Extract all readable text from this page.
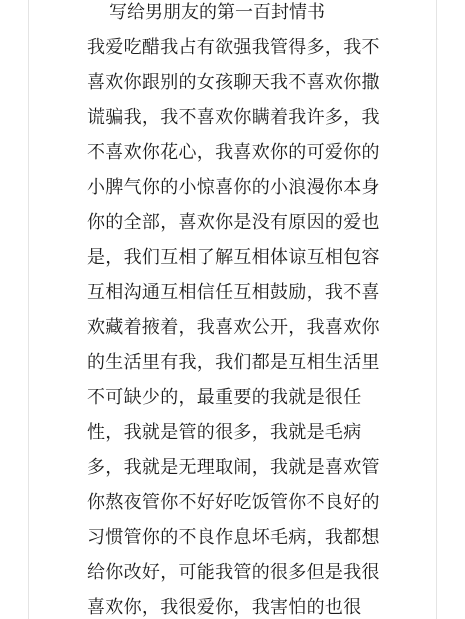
写给男朋友的第一百封情书
我爱吃醋我占有欲强我管得多，我不
喜欢你跟别的女孩聊天我不喜欢你撒
谎骗我，我不喜欢你瞒着我许多，我
不喜欢你花心，我喜欢你的可爱你的
小脾气你的小惊喜你的小浪漫你本身
你的全部，喜欢你是没有原因的爱也
是，我们互相了解互相体谅互相包容
互相沟通互相信任互相鼓励，我不喜
欢藏着掖着，我喜欢公开，我喜欢你
的生活里有我，我们都是互相生活里
不可缺少的，最重要的我就是很任
性，我就是管的很多，我就是毛病
多，我就是无理取闹，我就是喜欢管
你熬夜管你不好好吃饭管你不良好的
习惯管你的不良作息坏毛病，我都想
给你改好，可能我管的很多但是我很
喜欢你，我很爱你，我害怕的也很
